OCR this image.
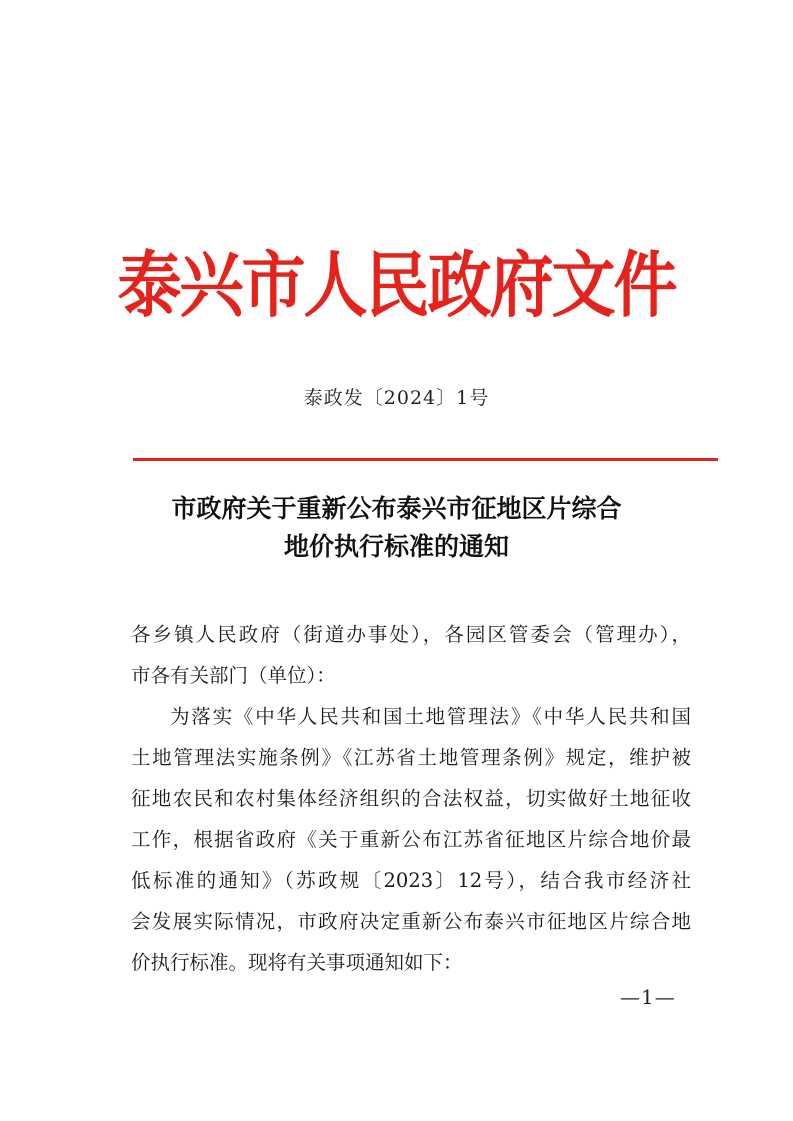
泰兴市人民政府文件
泰政发〔2024〕1号
市政府关于重新公布泰兴市征地区片综合
地价执行标准的通知
各乡镇人民政府（街道办事处），各园区管委会（管理办），
市各有关部门（单位）：
为落实《中华人民共和国土地管理法》《中华人民共和国
土地管理法实施条例》《江苏省土地管理条例》规定，维护被
征地农民和农村集体经济组织的合法权益，切实做好土地征收
工作，根据省政府《关于重新公布江苏省征地区片综合地价最
低标准的通知》（苏政规〔2023〕12号），结合我市经济社
会发展实际情况，市政府决定重新公布泰兴市征地区片综合地
价执行标准。现将有关事项通知如下：
—1—
